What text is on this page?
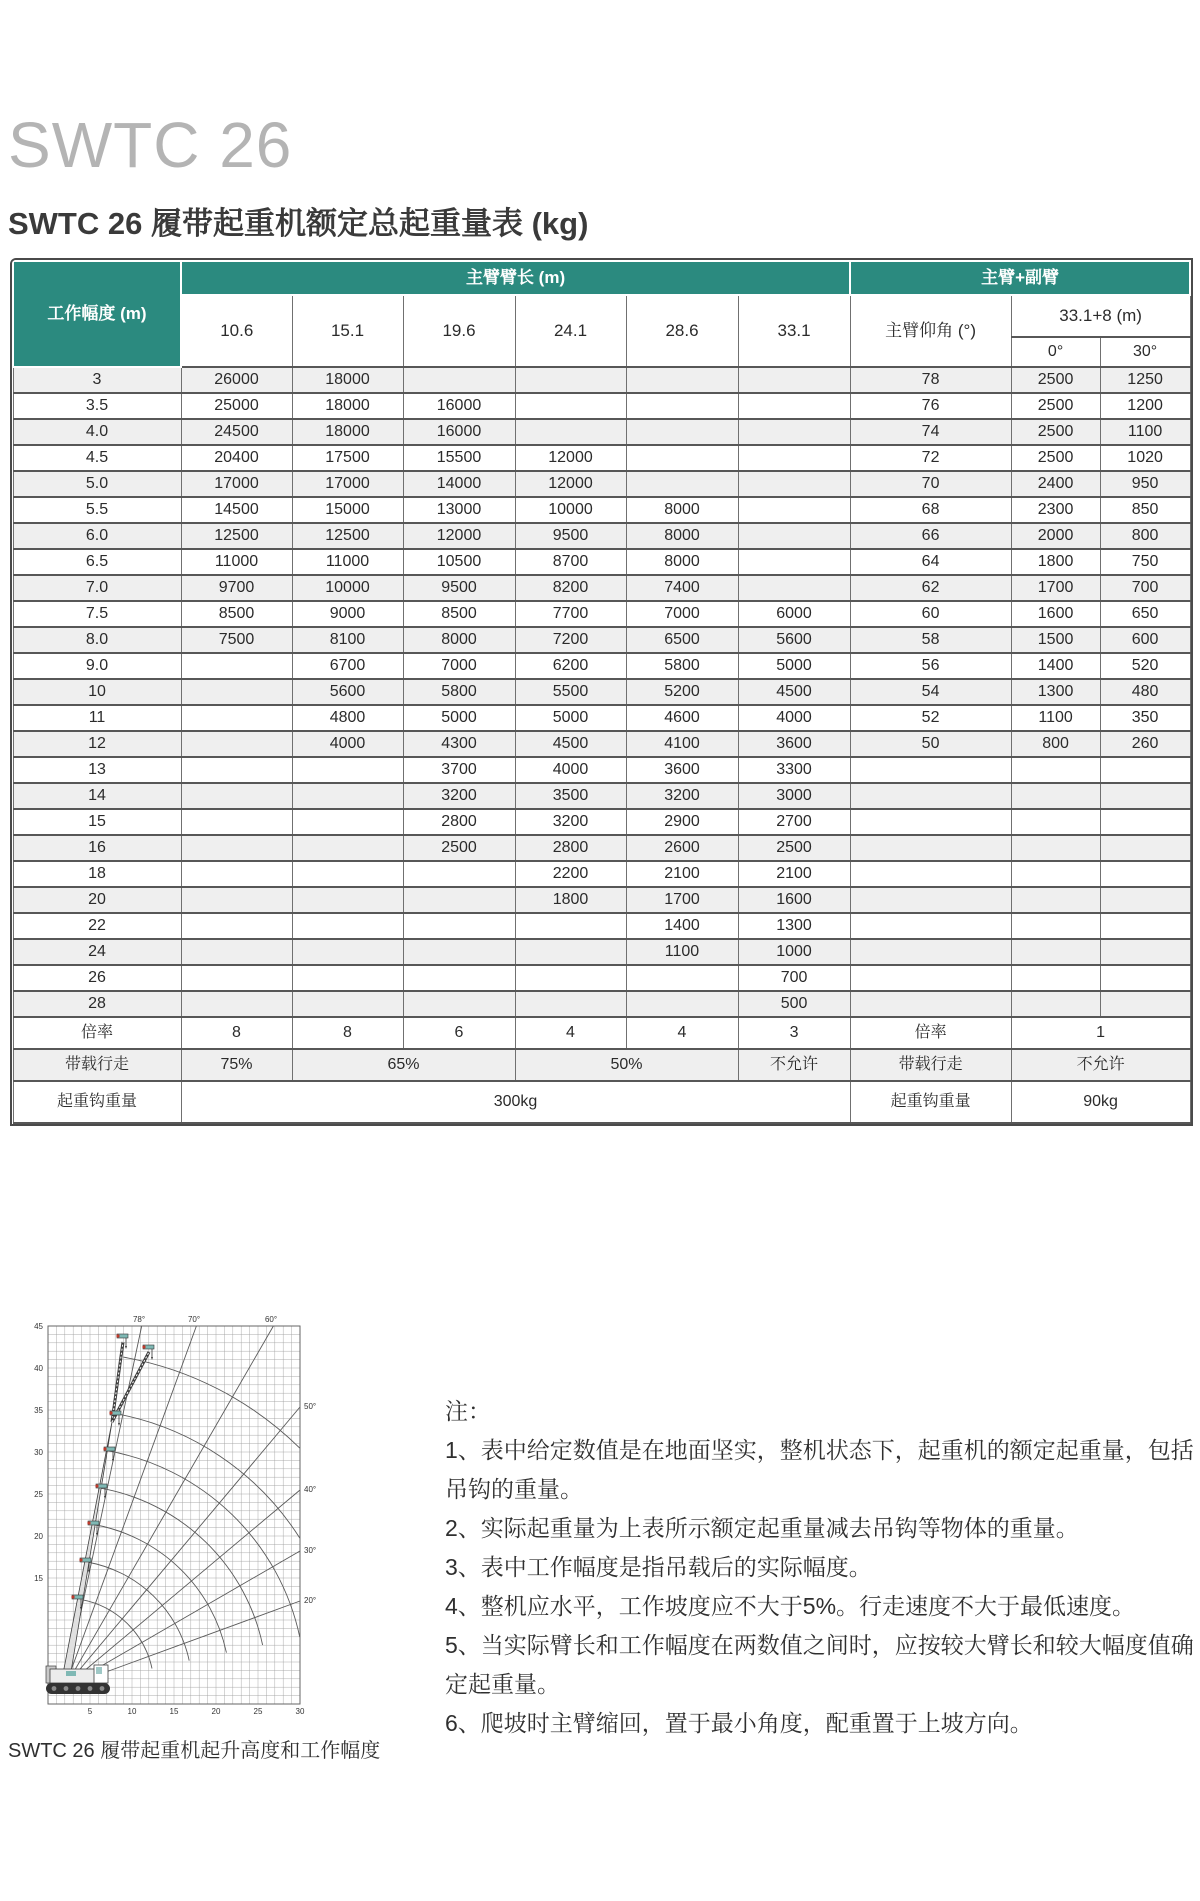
SWTC 26
SWTC 26 履带起重机额定总起重量表 (kg)
工作幅度 (m)	主臂臂长 (m)						主臂+副臂		
	10.6	15.1	19.6	24.1	28.6	33.1	主臂仰角 (°)	33.1+8 (m)	
								0°	30°
3	26000	18000					78	2500	1250
3.5	25000	18000	16000				76	2500	1200
4.0	24500	18000	16000				74	2500	1100
4.5	20400	17500	15500	12000			72	2500	1020
5.0	17000	17000	14000	12000			70	2400	950
5.5	14500	15000	13000	10000	8000		68	2300	850
6.0	12500	12500	12000	9500	8000		66	2000	800
6.5	11000	11000	10500	8700	8000		64	1800	750
7.0	9700	10000	9500	8200	7400		62	1700	700
7.5	8500	9000	8500	7700	7000	6000	60	1600	650
8.0	7500	8100	8000	7200	6500	5600	58	1500	600
9.0		6700	7000	6200	5800	5000	56	1400	520
10		5600	5800	5500	5200	4500	54	1300	480
11		4800	5000	5000	4600	4000	52	1100	350
12		4000	4300	4500	4100	3600	50	800	260
13			3700	4000	3600	3300			
14			3200	3500	3200	3000			
15			2800	3200	2900	2700			
16			2500	2800	2600	2500			
18				2200	2100	2100			
20				1800	1700	1600			
22					1400	1300			
24					1100	1000			
26						700			
28						500			
倍率	8	8	6	4	4	3	倍率	1	
带载行走	75%	65%		50%		不允许	带载行走	不允许	
起重钩重量	300kg						起重钩重量	90kg	
45
40
35
30
25
20
15
5	10	15	20	25	30
78°	70°	60°
50°
40°
30°
20°
SWTC 26 履带起重机起升高度和工作幅度

注：

1、表中给定数值是在地面坚实，整机状态下，起重机的额定起重量，包括吊钩的重量。

2、实际起重量为上表所示额定起重量减去吊钩等物体的重量。

3、表中工作幅度是指吊载后的实际幅度。

4、整机应水平，工作坡度应不大于5%。行走速度不大于最低速度。

5、当实际臂长和工作幅度在两数值之间时，应按较大臂长和较大幅度值确定起重量。

6、爬坡时主臂缩回，置于最小角度，配重置于上坡方向。
